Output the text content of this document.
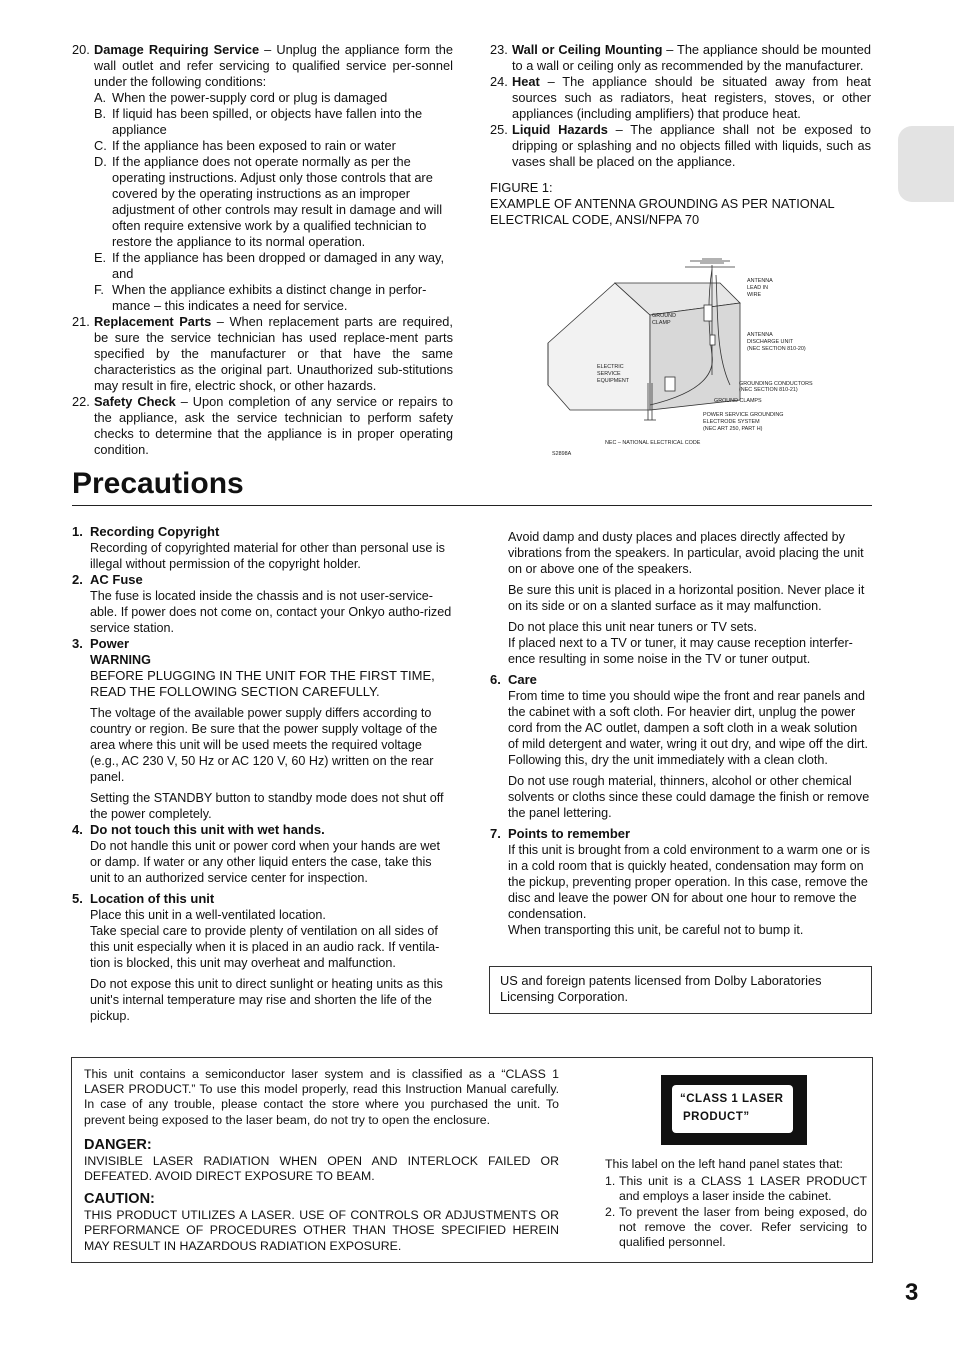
20. Damage Requiring Service – Unplug the appliance form the wall outlet and refer servicing to qualified service per-sonnel under the following conditions:
A. When the power-supply cord or plug is damaged
B. If liquid has been spilled, or objects have fallen into the appliance
C. If the appliance has been exposed to rain or water
D. If the appliance does not operate normally as per the operating instructions. Adjust only those controls that are covered by the operating instructions as an improper adjustment of other controls may result in damage and will often require extensive work by a qualified technician to restore the appliance to its normal operation.
E. If the appliance has been dropped or damaged in any way, and
F. When the appliance exhibits a distinct change in perfor-mance – this indicates a need for service.
21. Replacement Parts – When replacement parts are required, be sure the service technician has used replace-ment parts specified by the manufacturer or that have the same characteristics as the original part. Unauthorized sub-stitutions may result in fire, electric shock, or other hazards.
22. Safety Check – Upon completion of any service or repairs to the appliance, ask the service technician to perform safety checks to determine that the appliance is in proper operating condition.
23. Wall or Ceiling Mounting – The appliance should be mounted to a wall or ceiling only as recommended by the manufacturer.
24. Heat – The appliance should be situated away from heat sources such as radiators, heat registers, stoves, or other appliances (including amplifiers) that produce heat.
25. Liquid Hazards – The appliance shall not be exposed to dripping or splashing and no objects filled with liquids, such as vases shall be placed on the appliance.
FIGURE 1:
EXAMPLE OF ANTENNA GROUNDING AS PER NATIONAL
ELECTRICAL CODE, ANSI/NFPA 70
ANTENNA LEAD IN WIRE
GROUND CLAMP
ANTENNA DISCHARGE UNIT (NEC SECTION 810-20)
ELECTRIC SERVICE EQUIPMENT	GROUNDING CONDUCTORS (NEC SECTION 810-21)
GROUND CLAMPS
POWER SERVICE GROUNDING ELECTRODE SYSTEM (NEC ART 250, PART H)
NEC – NATIONAL ELECTRICAL CODE
S2898A
Precautions

1. Recording Copyright

Recording of copyrighted material for other than personal use is illegal without permission of the copyright holder.

2. AC Fuse

The fuse is located inside the chassis and is not user-service-able. If power does not come on, contact your Onkyo autho-rized service station.

3. Power

WARNING

BEFORE PLUGGING IN THE UNIT FOR THE FIRST TIME, READ THE FOLLOWING SECTION CAREFULLY.

The voltage of the available power supply differs according to country or region. Be sure that the power supply voltage of the area where this unit will be used meets the required voltage (e.g., AC 230 V, 50 Hz or AC 120 V, 60 Hz) written on the rear panel.

Setting the STANDBY button to standby mode does not shut off the power completely.

4. Do not touch this unit with wet hands.

Do not handle this unit or power cord when your hands are wet or damp. If water or any other liquid enters the case, take this unit to an authorized service center for inspection.

5. Location of this unit

Place this unit in a well-ventilated location.

Take special care to provide plenty of ventilation on all sides of this unit especially when it is placed in an audio rack. If ventila-tion is blocked, this unit may overheat and malfunction.

Do not expose this unit to direct sunlight or heating units as this unit's internal temperature may rise and shorten the life of the pickup.

Avoid damp and dusty places and places directly affected by vibrations from the speakers. In particular, avoid placing the unit on or above one of the speakers.

Be sure this unit is placed in a horizontal position. Never place it on its side or on a slanted surface as it may malfunction.

Do not place this unit near tuners or TV sets.

If placed next to a TV or tuner, it may cause reception interfer-ence resulting in some noise in the TV or tuner output.

6. Care

From time to time you should wipe the front and rear panels and the cabinet with a soft cloth. For heavier dirt, unplug the power cord from the AC outlet, dampen a soft cloth in a weak solution of mild detergent and water, wring it out dry, and wipe off the dirt. Following this, dry the unit immediately with a clean cloth.

Do not use rough material, thinners, alcohol or other chemical solvents or cloths since these could damage the finish or remove the panel lettering.

7. Points to remember

If this unit is brought from a cold environment to a warm one or is in a cold room that is quickly heated, condensation may form on the pickup, preventing proper operation. In this case, remove the disc and leave the power ON for about one hour to remove the condensation.

When transporting this unit, be careful not to bump it.

US and foreign patents licensed from Dolby Laboratories Licensing Corporation.

This unit contains a semiconductor laser system and is classified as a “CLASS 1 LASER PRODUCT.” To use this model properly, read this Instruction Manual carefully. In case of any trouble, please contact the store where you purchased the unit. To prevent being exposed to the laser beam, do not try to open the enclosure.

DANGER:

INVISIBLE LASER RADIATION WHEN OPEN AND INTERLOCK FAILED OR DEFEATED. AVOID DIRECT EXPOSURE TO BEAM.

CAUTION:

THIS PRODUCT UTILIZES A LASER. USE OF CONTROLS OR ADJUSTMENTS OR PERFORMANCE OF PROCEDURES OTHER THAN THOSE SPECIFIED HEREIN MAY RESULT IN HAZARDOUS RADIATION EXPOSURE.

This label on the left hand panel states that:

1. This unit is a CLASS 1 LASER PRODUCT and employs a laser inside the cabinet.
2. To prevent the laser from being exposed, do not remove the cover. Refer servicing to qualified personnel.
“CLASS 1 LASER
PRODUCT”
3
